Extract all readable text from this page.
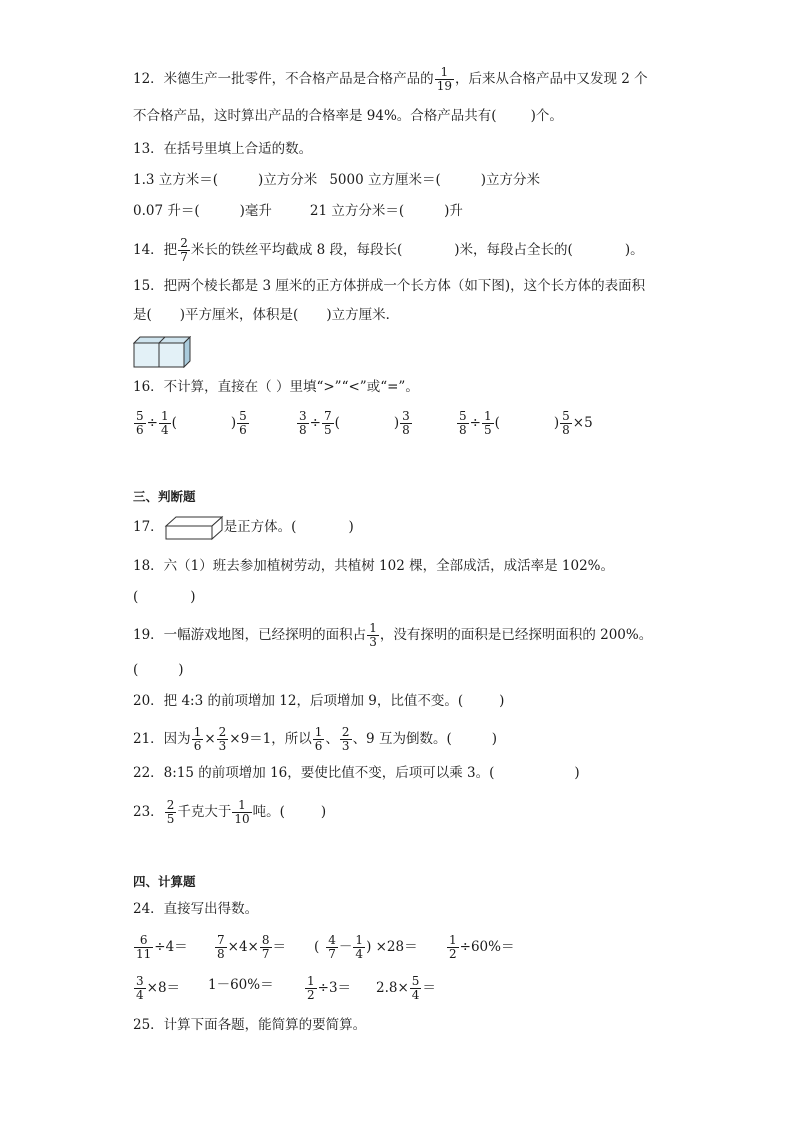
12．米德生产一批零件，不合格产品是合格产品的 $\frac{1}{19}$ ，后来从合格产品中又发现 2 个
不合格产品，这时算出产品的合格率是 94%。合格产品共有(	)个。
13．在括号里填上合适的数。
1.3 立方米＝(	)立方分米 5000 立方厘米＝(	)立方分米
0.07 升＝(	)毫升	21 立方分米＝(	)升
14．把 $\frac{2}{7}$ 米长的铁丝平均截成 8 段，每段长(	)米，每段占全长的(	)。
15．把两个棱长都是 3 厘米的正方体拼成一个长方体（如下图)，这个长方体的表面积
是( )平方厘米，体积是( )立方厘米．
16．不计算，直接在（ ）里填“>”“<”或“=”。
$\frac{5}{6} \div \frac{1}{4}$ (	) $\frac{5}{6}$	$\frac{3}{8} \div \frac{7}{5}$ (	) $\frac{3}{8}$	$\frac{5}{8} \div \frac{1}{5}$ (	) $\frac{5}{8} \times 5$
三、判断题
17．	是正方体。(	)
18．六（1）班去参加植树劳动，共植树 102 棵，全部成活，成活率是 102%。
(	)
19．一幅游戏地图，已经探明的面积占 $\frac{1}{3}$ ，没有探明的面积是已经探明面积的 200%。
(	)
20．把 4:3 的前项增加 12，后项增加 9，比值不变。(	)
21．因为 $\frac{1}{6} \times \frac{2}{3} \times 9=1$，所以 $\frac{1}{6}$ 、 $\frac{2}{3}$ 、9 互为倒数。(	)
22．8:15 的前项增加 16，要使比值不变，后项可以乘 3。(	)
23． $\frac{2}{5}$ 千克大于 $\frac{1}{10}$ 吨。(	)
四、计算题
24．直接写出得数。
$\frac{6}{11} \div 4= \frac{7}{8} \times 4\times \frac{8}{7}$ ＝ ( $\frac{4}{7} - \frac{1}{4}$ ) $\times 28= \frac{1}{2} \div 60\%=$
$\frac{3}{4} \times 8= 1-60\%=$	$\frac{1}{2} \div 3= 2.8\times \frac{5}{4}$ ＝
25．计算下面各题，能简算的要简算。
